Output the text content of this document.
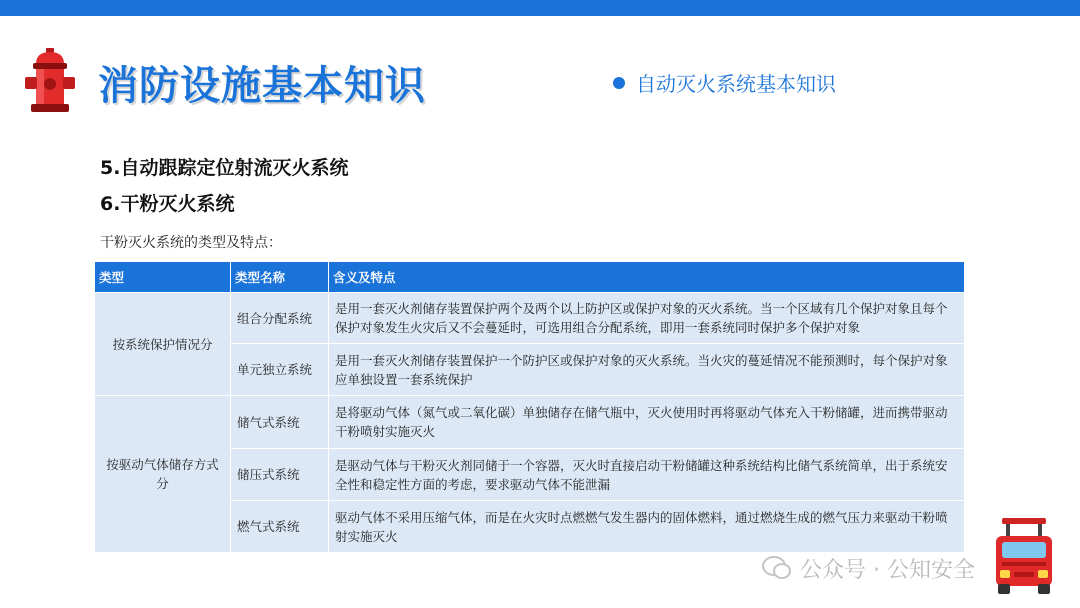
消防设施基本知识	自动灭火系统基本知识
5.自动跟踪定位射流灭火系统
6.干粉灭火系统
干粉灭火系统的类型及特点：
类型	类型名称	含义及特点
按系统保护情况分	组合分配系统	是用一套灭火剂储存装置保护两个及两个以上防护区或保护对象的灭火系统。当一个区域有几个保护对象且每个保护对象发生火灾后又不会蔓延时，可选用组合分配系统，即用一套系统同时保护多个保护对象
	单元独立系统	是用一套灭火剂储存装置保护一个防护区或保护对象的灭火系统。当火灾的蔓延情况不能预测时，每个保护对象应单独设置一套系统保护
按驱动气体储存方式分	储气式系统	是将驱动气体（氮气或二氧化碳）单独储存在储气瓶中，灭火使用时再将驱动气体充入干粉储罐，进而携带驱动干粉喷射实施灭火
	储压式系统	是驱动气体与干粉灭火剂同储于一个容器，灭火时直接启动干粉储罐这种系统结构比储气系统简单，出于系统安全性和稳定性方面的考虑，要求驱动气体不能泄漏
	燃气式系统	驱动气体不采用压缩气体，而是在火灾时点燃燃气发生器内的固体燃料，通过燃烧生成的燃气压力来驱动干粉喷射实施灭火
公众号 · 公知安全
